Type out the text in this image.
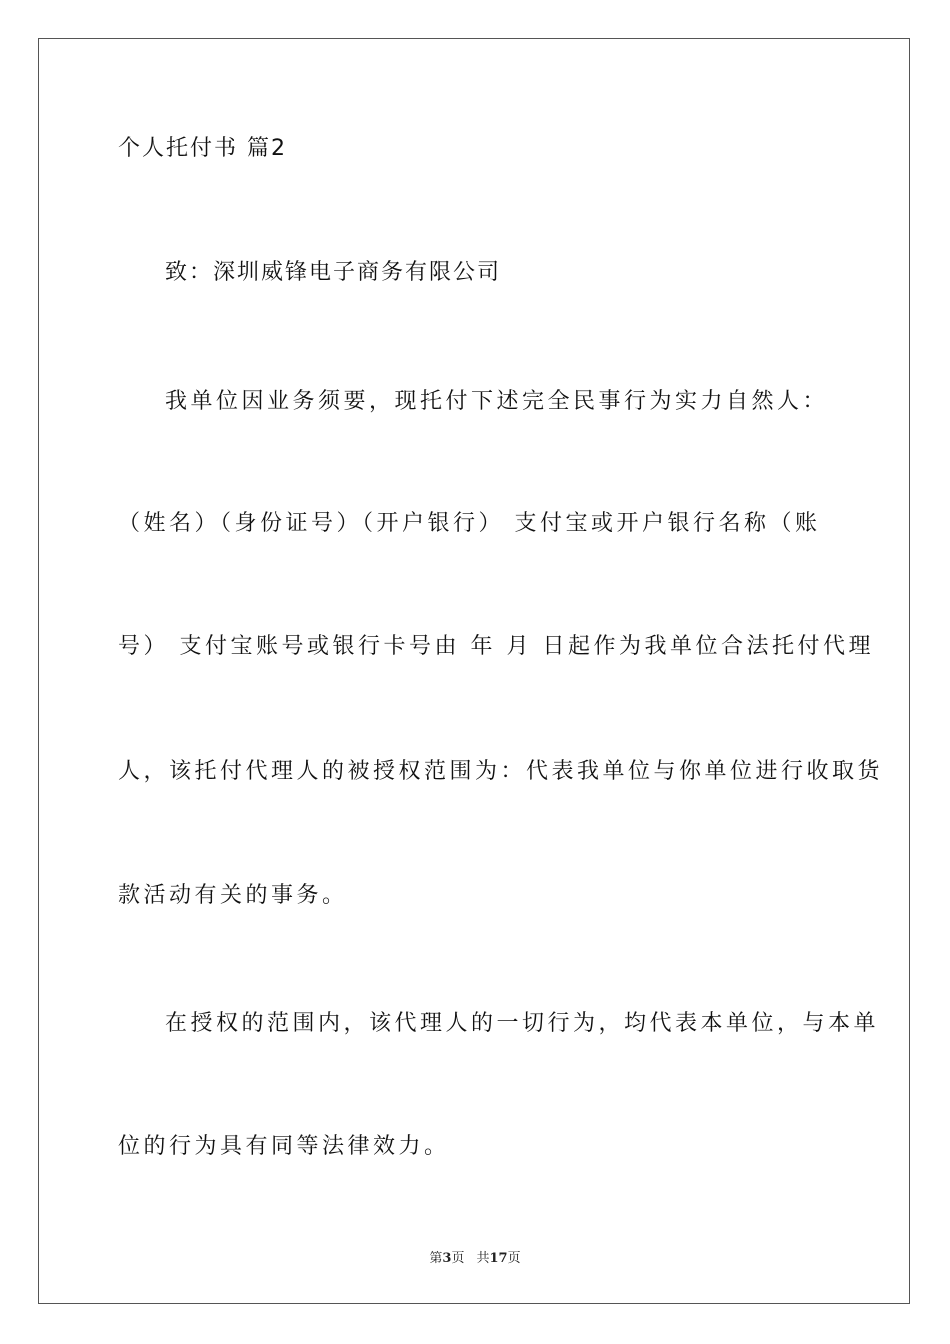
个人托付书 篇2
致：深圳威锋电子商务有限公司
我单位因业务须要，现托付下述完全民事行为实力自然人：
（姓名）（身份证号）（开户银行） 支付宝或开户银行名称（账
号） 支付宝账号或银行卡号由 年 月 日起作为我单位合法托付代理
人，该托付代理人的被授权范围为：代表我单位与你单位进行收取货
款活动有关的事务。
在授权的范围内，该代理人的一切行为，均代表本单位，与本单
位的行为具有同等法律效力。
第3页 共17页
